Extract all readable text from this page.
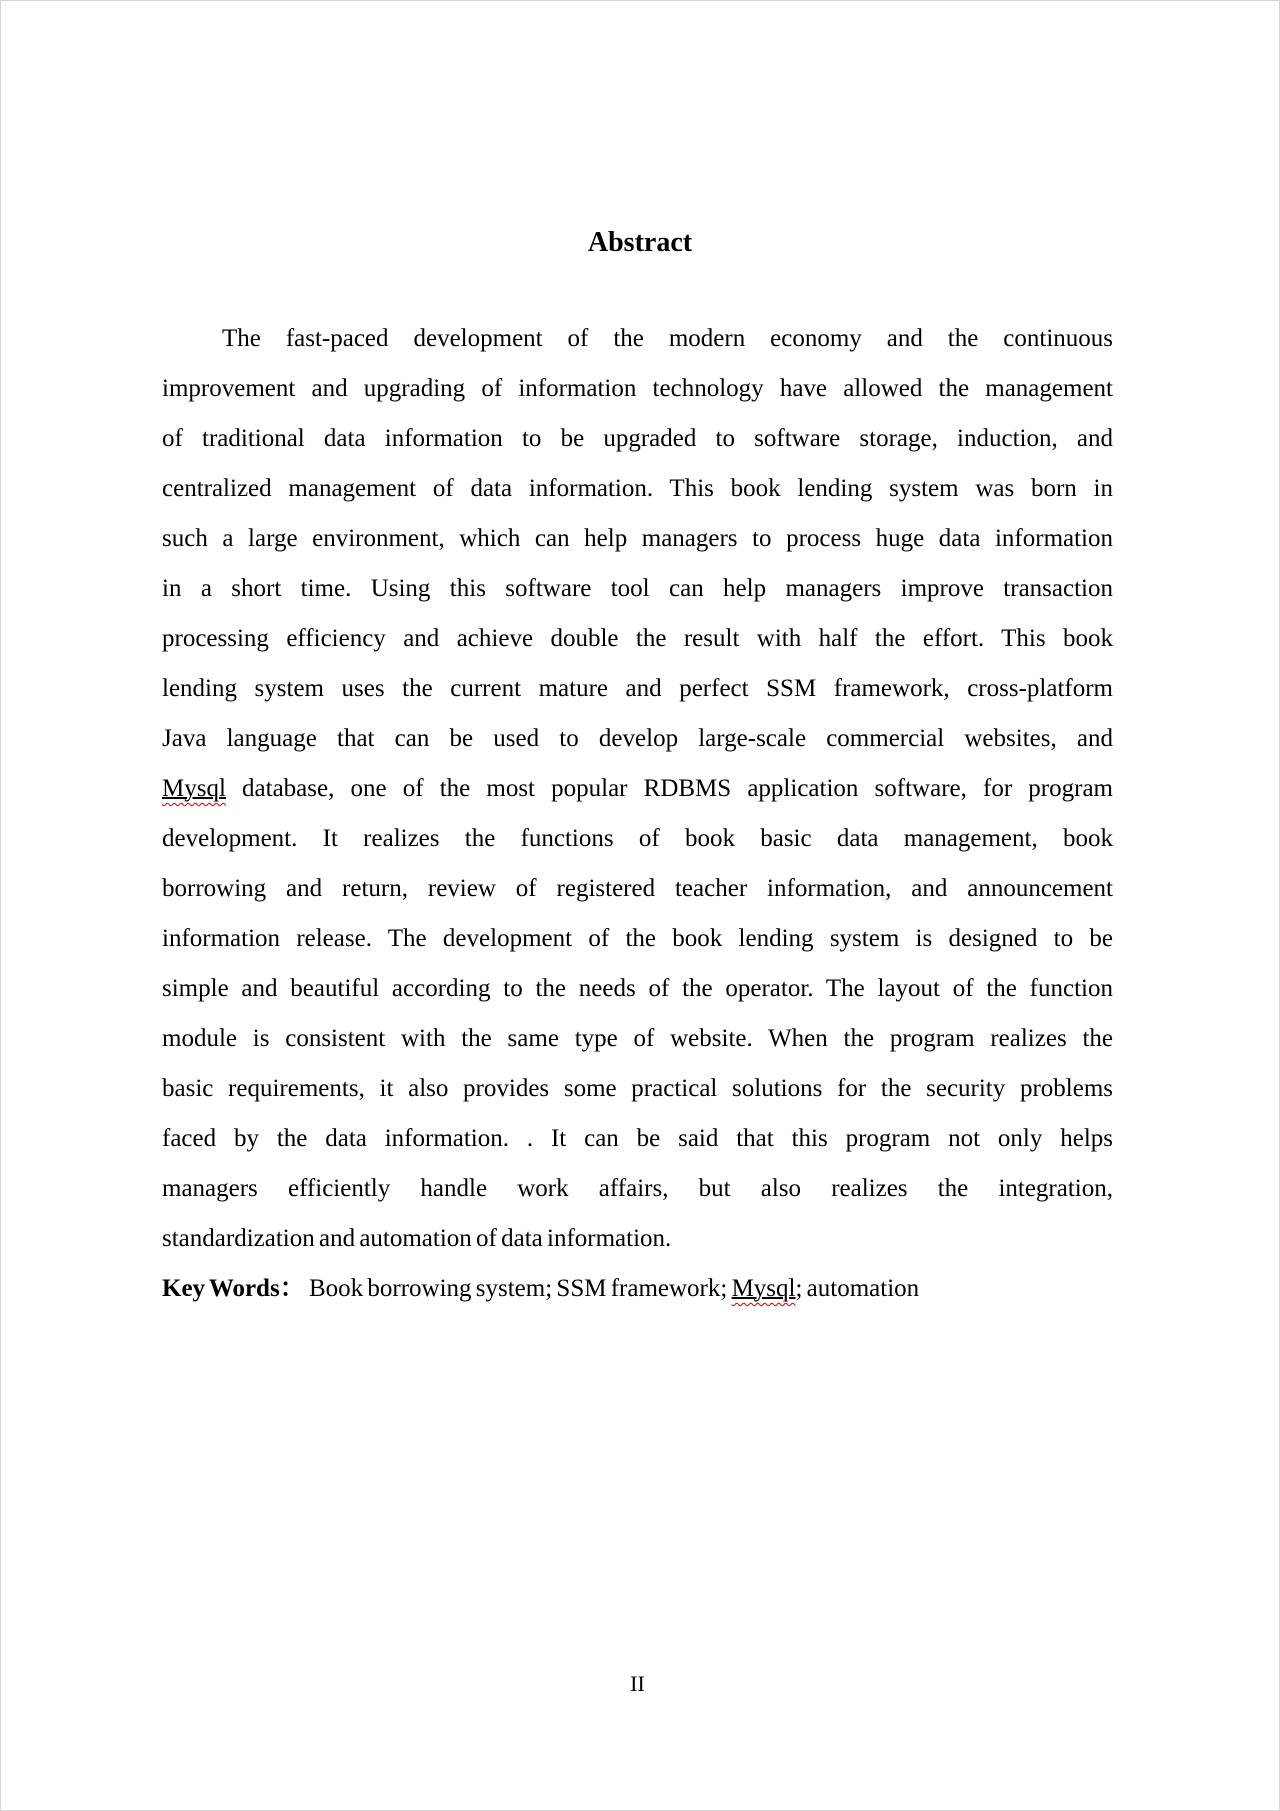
Abstract
The fast-paced development of the modern economy and the continuous
improvement and upgrading of information technology have allowed the management
of traditional data information to be upgraded to software storage, induction, and
centralized management of data information. This book lending system was born in
such a large environment, which can help managers to process huge data information
in a short time. Using this software tool can help managers improve transaction
processing efficiency and achieve double the result with half the effort. This book
lending system uses the current mature and perfect SSM framework, cross-platform
Java language that can be used to develop large-scale commercial websites, and
Mysql database, one of the most popular RDBMS application software, for program
development. It realizes the functions of book basic data management, book
borrowing and return, review of registered teacher information, and announcement
information release. The development of the book lending system is designed to be
simple and beautiful according to the needs of the operator. The layout of the function
module is consistent with the same type of website. When the program realizes the
basic requirements, it also provides some practical solutions for the security problems
faced by the data information. . It can be said that this program not only helps
managers efficiently handle work affairs, but also realizes the integration,
standardization and automation of data information.
Key Words： Book borrowing system; SSM framework; Mysql; automation
II
